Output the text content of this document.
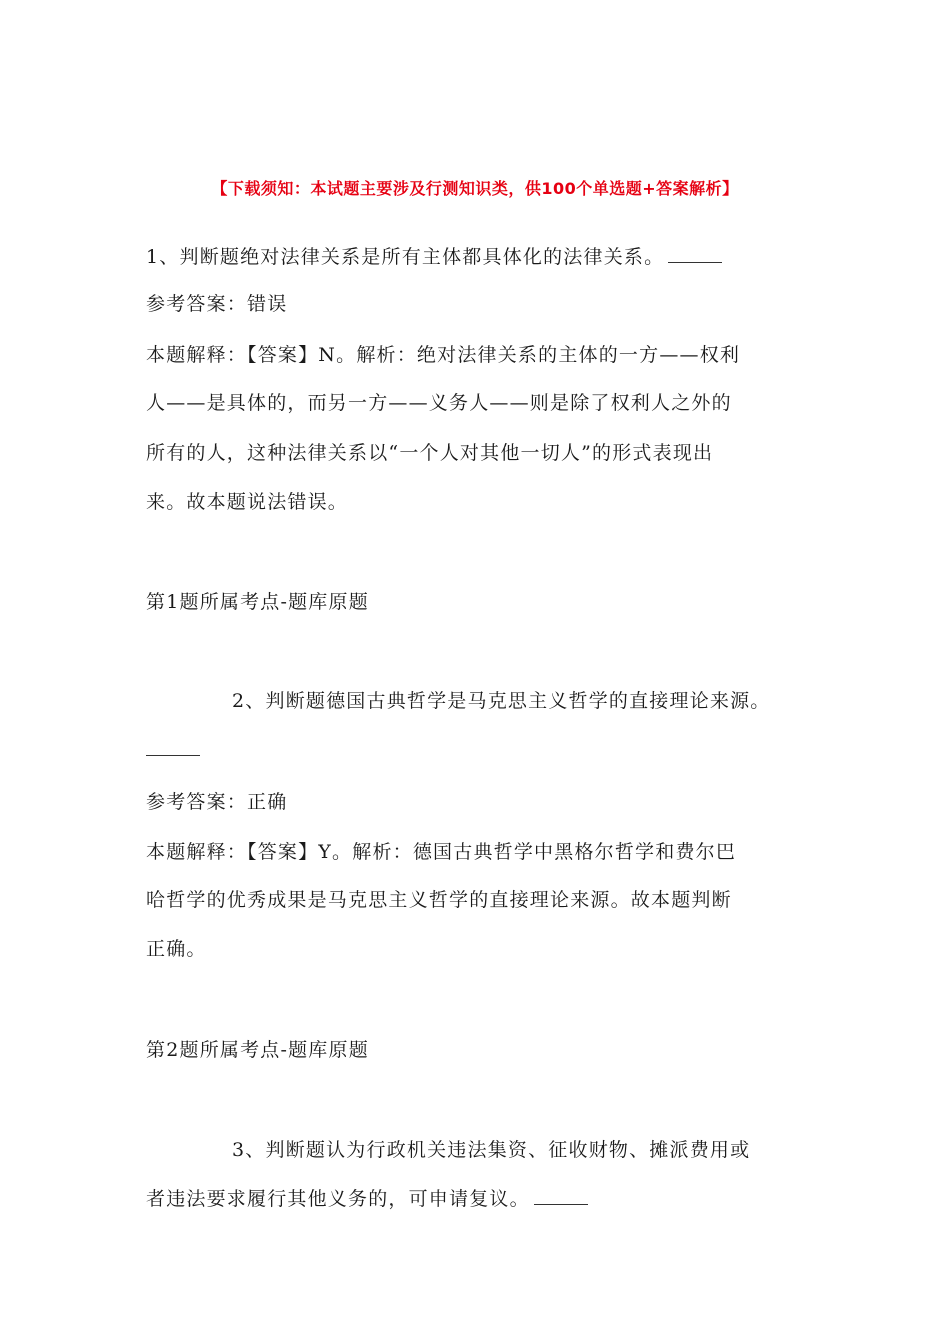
【下载须知：本试题主要涉及行测知识类，供100个单选题+答案解析】
1、判断题绝对法律关系是所有主体都具体化的法律关系。
参考答案：错误
本题解释：【答案】N。解析：绝对法律关系的主体的一方——权利
人——是具体的，而另一方——义务人——则是除了权利人之外的
所有的人，这种法律关系以“一个人对其他一切人”的形式表现出
来。故本题说法错误。
第1题所属考点-题库原题
2、判断题德国古典哲学是马克思主义哲学的直接理论来源。
参考答案：正确
本题解释：【答案】Y。解析：德国古典哲学中黑格尔哲学和费尔巴
哈哲学的优秀成果是马克思主义哲学的直接理论来源。故本题判断
正确。
第2题所属考点-题库原题
3、判断题认为行政机关违法集资、征收财物、摊派费用或
者违法要求履行其他义务的，可申请复议。
